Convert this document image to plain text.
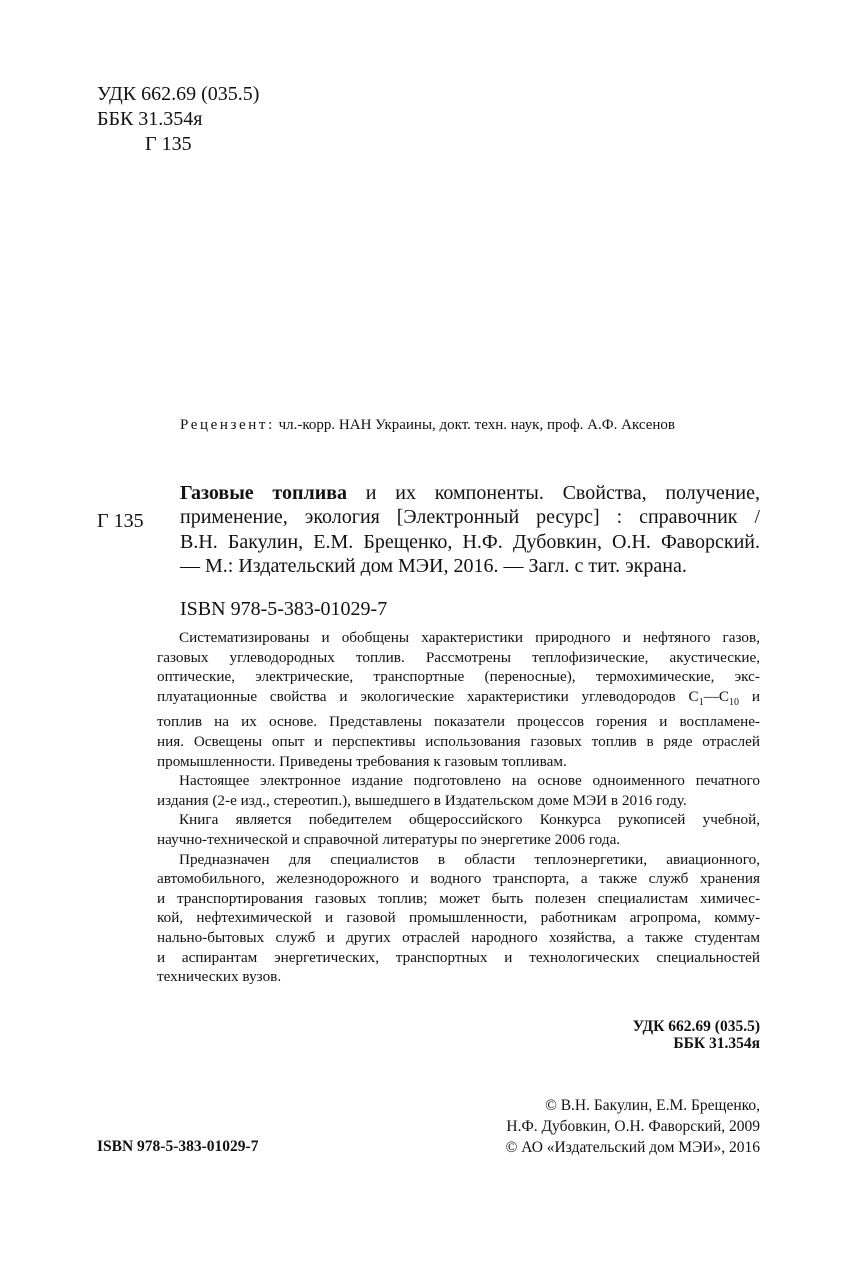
УДК 662.69 (035.5)
ББК 31.354я
Г 135
Рецензент: чл.-корр. НАН Украины, докт. техн. наук, проф. А.Ф. Аксенов
Г 135
Газовые топлива и их компоненты. Свойства, получение,
применение, экология [Электронный ресурс] : справочник /
В.Н. Бакулин, Е.М. Брещенко, Н.Ф. Дубовкин, О.Н. Фаворский.
— М.: Издательский дом МЭИ, 2016. — Загл. с тит. экрана.
ISBN 978-5-383-01029-7
Систематизированы и обобщены характеристики природного и нефтяного газов,
газовых углеводородных топлив. Рассмотрены теплофизические, акустические,
оптические, электрические, транспортные (переносные), термохимические, экс-
плуатационные свойства и экологические характеристики углеводородов $C_1—C_{10}$ и
топлив на их основе. Представлены показатели процессов горения и воспламене-
ния. Освещены опыт и перспективы использования газовых топлив в ряде отраслей
промышленности. Приведены требования к газовым топливам.
Настоящее электронное издание подготовлено на основе одноименного печатного
издания (2-е изд., стереотип.), вышедшего в Издательском доме МЭИ в 2016 году.
Книга является победителем общероссийского Конкурса рукописей учебной,
научно-технической и справочной литературы по энергетике 2006 года.
Предназначен для специалистов в области теплоэнергетики, авиационного,
автомобильного, железнодорожного и водного транспорта, а также служб хранения
и транспортирования газовых топлив; может быть полезен специалистам химичес-
кой, нефтехимической и газовой промышленности, работникам агропрома, комму-
нально-бытовых служб и других отраслей народного хозяйства, а также студентам
и аспирантам энергетических, транспортных и технологических специальностей
технических вузов.
УДК 662.69 (035.5)
ББК 31.354я
ISBN 978-5-383-01029-7
© В.Н. Бакулин, Е.М. Брещенко,
Н.Ф. Дубовкин, О.Н. Фаворский, 2009
© АО «Издательский дом МЭИ», 2016
